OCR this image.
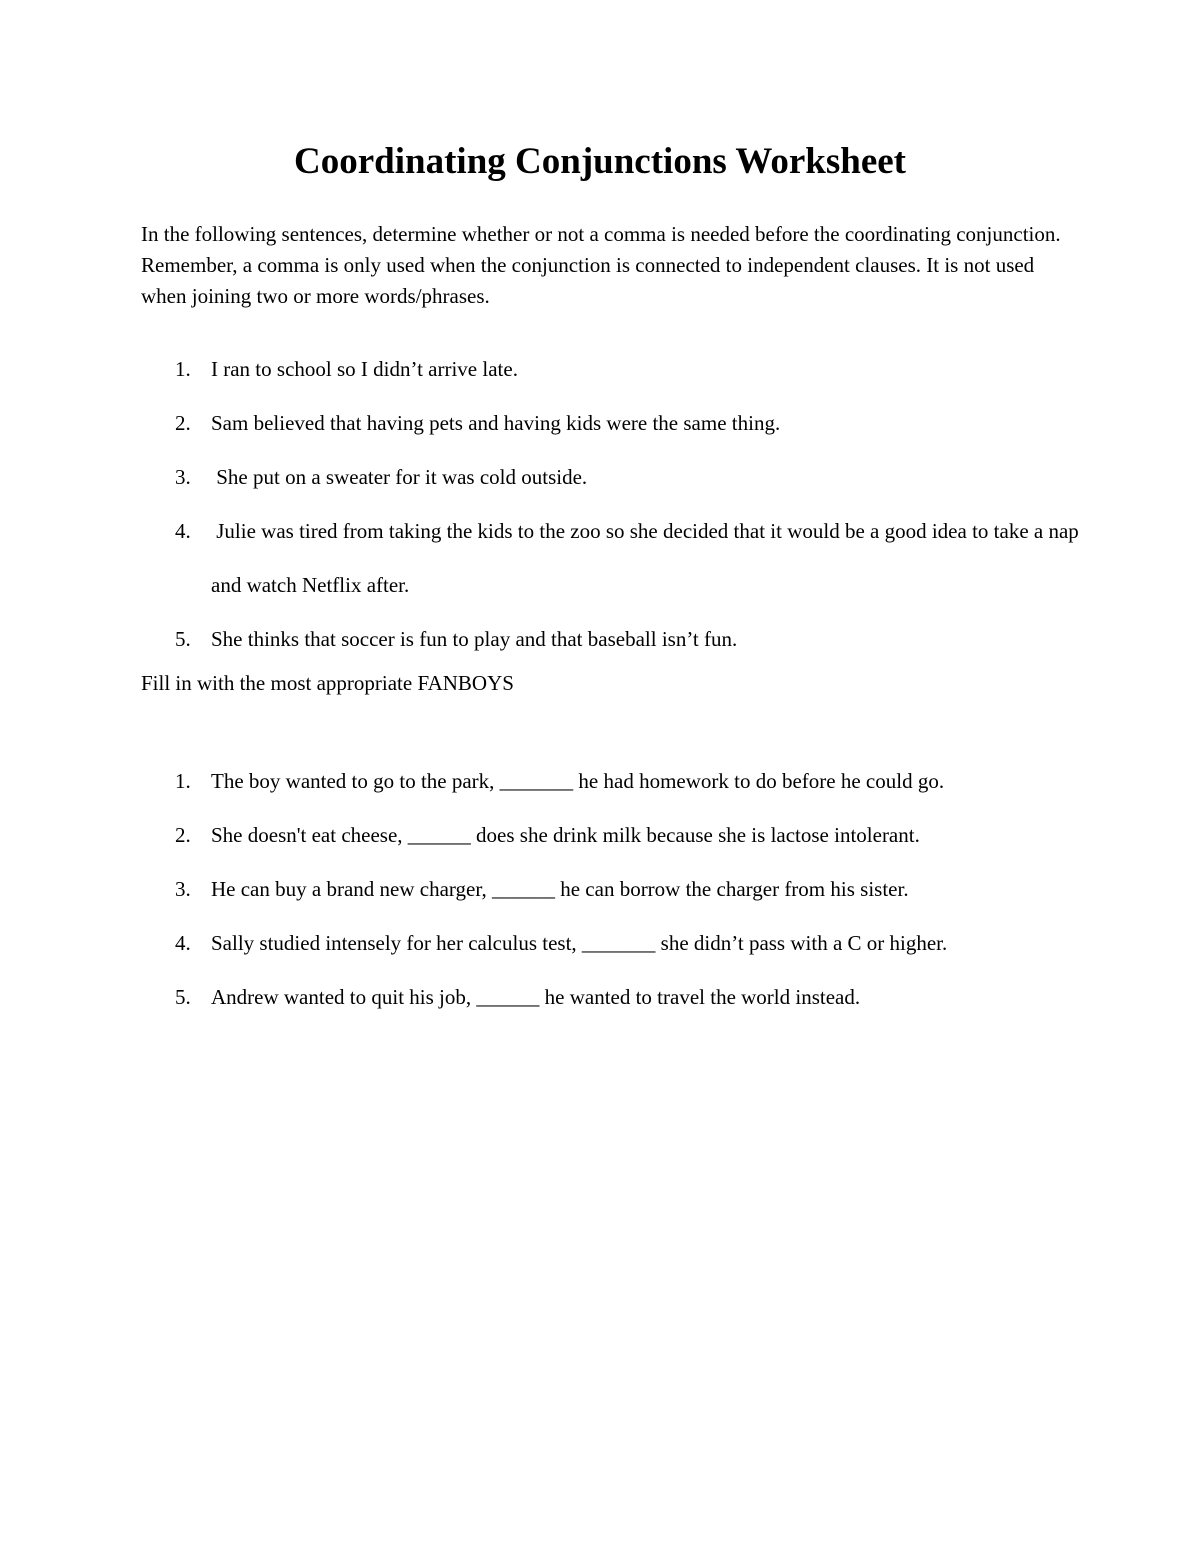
Coordinating Conjunctions Worksheet

In the following sentences, determine whether or not a comma is needed before the coordinating conjunction. Remember, a comma is only used when the conjunction is connected to independent clauses. It is not used when joining two or more words/phrases.

1. I ran to school so I didn’t arrive late.
2. Sam believed that having pets and having kids were the same thing.
3. She put on a sweater for it was cold outside.
4. Julie was tired from taking the kids to the zoo so she decided that it would be a good idea to take a nap and watch Netflix after.
5. She thinks that soccer is fun to play and that baseball isn’t fun.

Fill in with the most appropriate FANBOYS

1. The boy wanted to go to the park, _______ he had homework to do before he could go.
2. She doesn't eat cheese, ______ does she drink milk because she is lactose intolerant.
3. He can buy a brand new charger, ______ he can borrow the charger from his sister.
4. Sally studied intensely for her calculus test, _______ she didn’t pass with a C or higher.
5. Andrew wanted to quit his job, ______ he wanted to travel the world instead.
